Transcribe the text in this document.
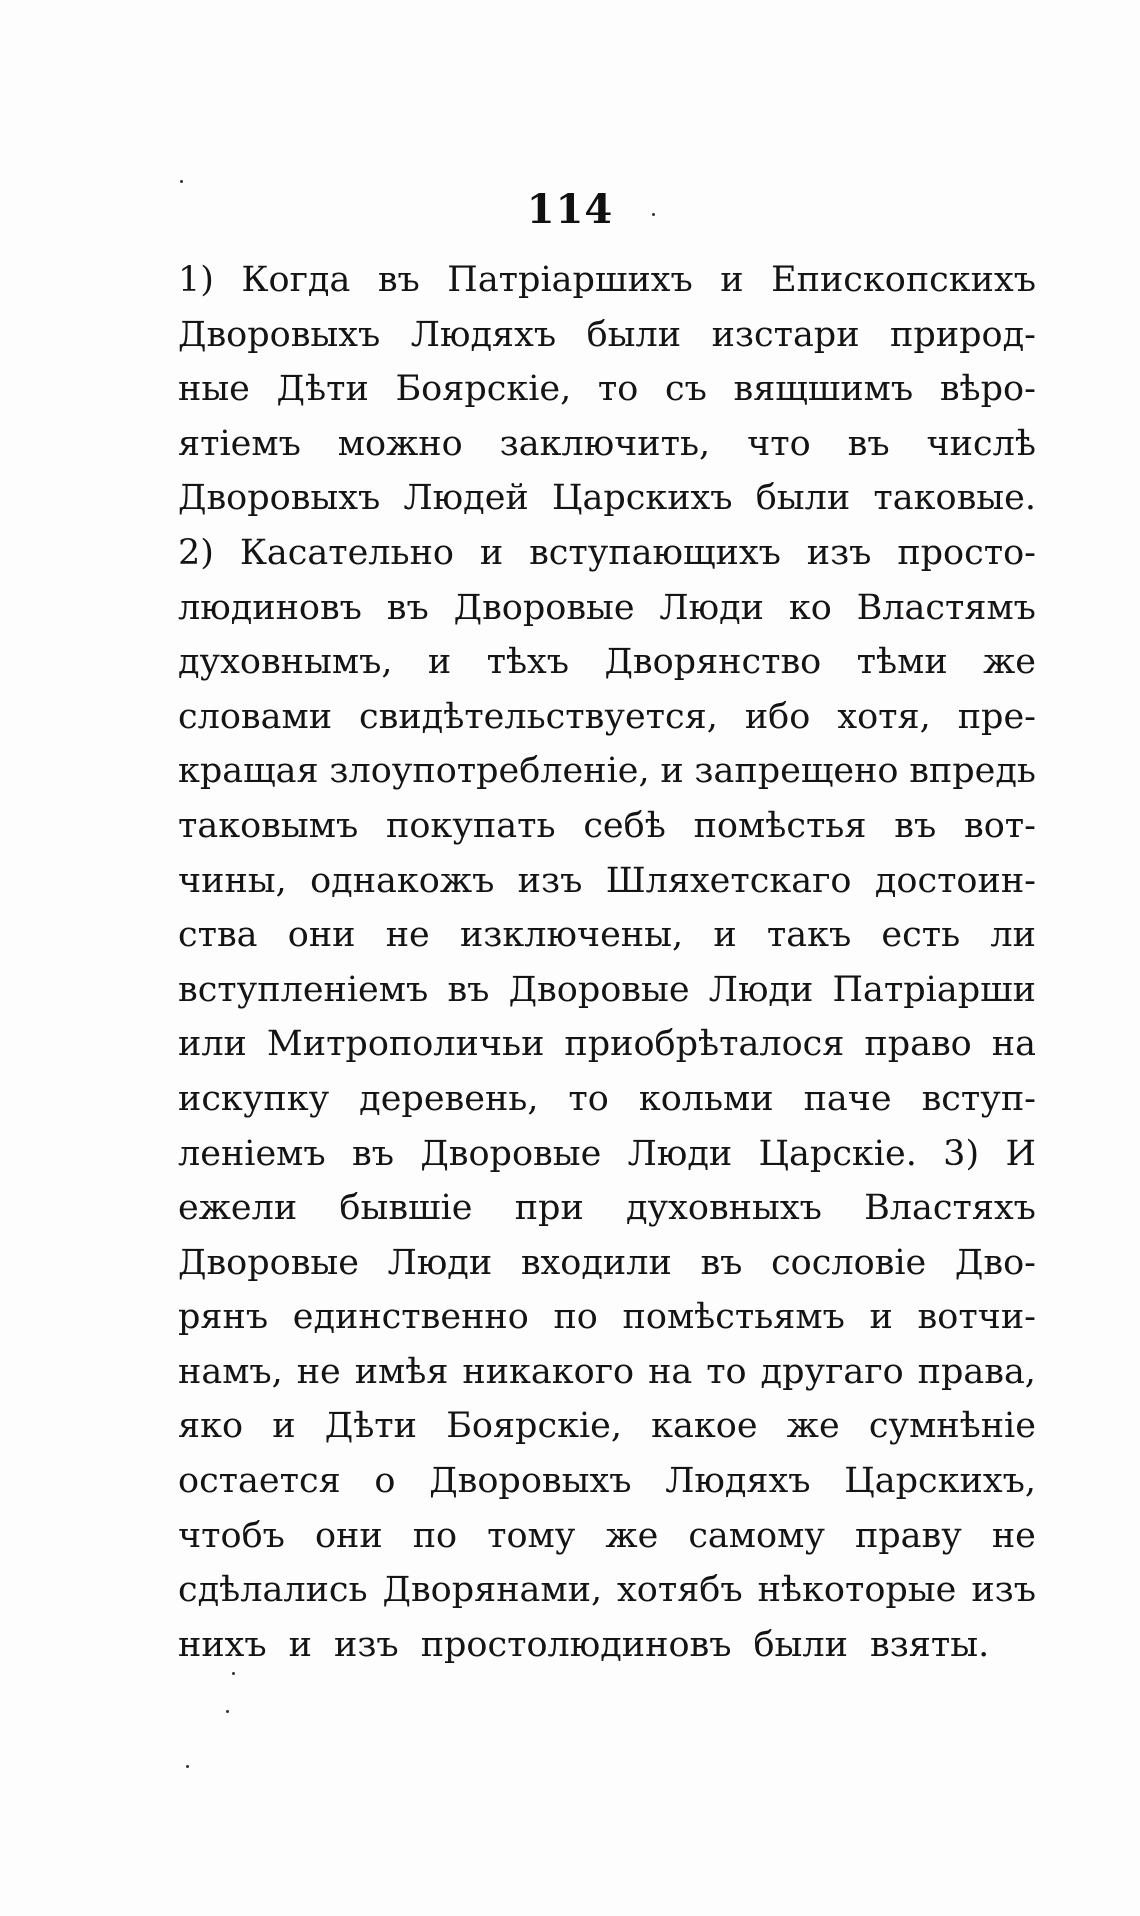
114
1) Когда въ Патріаршихъ и Епископскихъ
Дворовыхъ Людяхъ были изстари природ-
ные Дѣти Боярскіе, то съ вящшимъ вѣро-
ятіемъ можно заключить, что въ числѣ
Дворовыхъ Людей Царскихъ были таковые.
2) Касательно и вступающихъ изъ просто-
людиновъ въ Дворовые Люди ко Властямъ
духовнымъ, и тѣхъ Дворянство тѣми же
словами свидѣтельствуется, ибо хотя, пре-
кращая злоупотребленіе, и запрещено впредь
таковымъ покупать себѣ помѣстья въ вот-
чины, однакожъ изъ Шляхетскаго достоин-
ства они не изключены, и такъ есть ли
вступленіемъ въ Дворовые Люди Патріарши
или Митрополичьи приобрѣталося право на
искупку деревень, то кольми паче вступ-
леніемъ въ Дворовые Люди Царскіе. 3) И
ежели бывшіе при духовныхъ Властяхъ
Дворовые Люди входили въ сословіе Дво-
рянъ единственно по помѣстьямъ и вотчи-
намъ, не имѣя никакого на то другаго права,
яко и Дѣти Боярскіе, какое же сумнѣніе
остается о Дворовыхъ Людяхъ Царскихъ,
чтобъ они по тому же самому праву не
сдѣлались Дворянами, хотябъ нѣкоторые изъ
нихъ и изъ простолюдиновъ были взяты.
